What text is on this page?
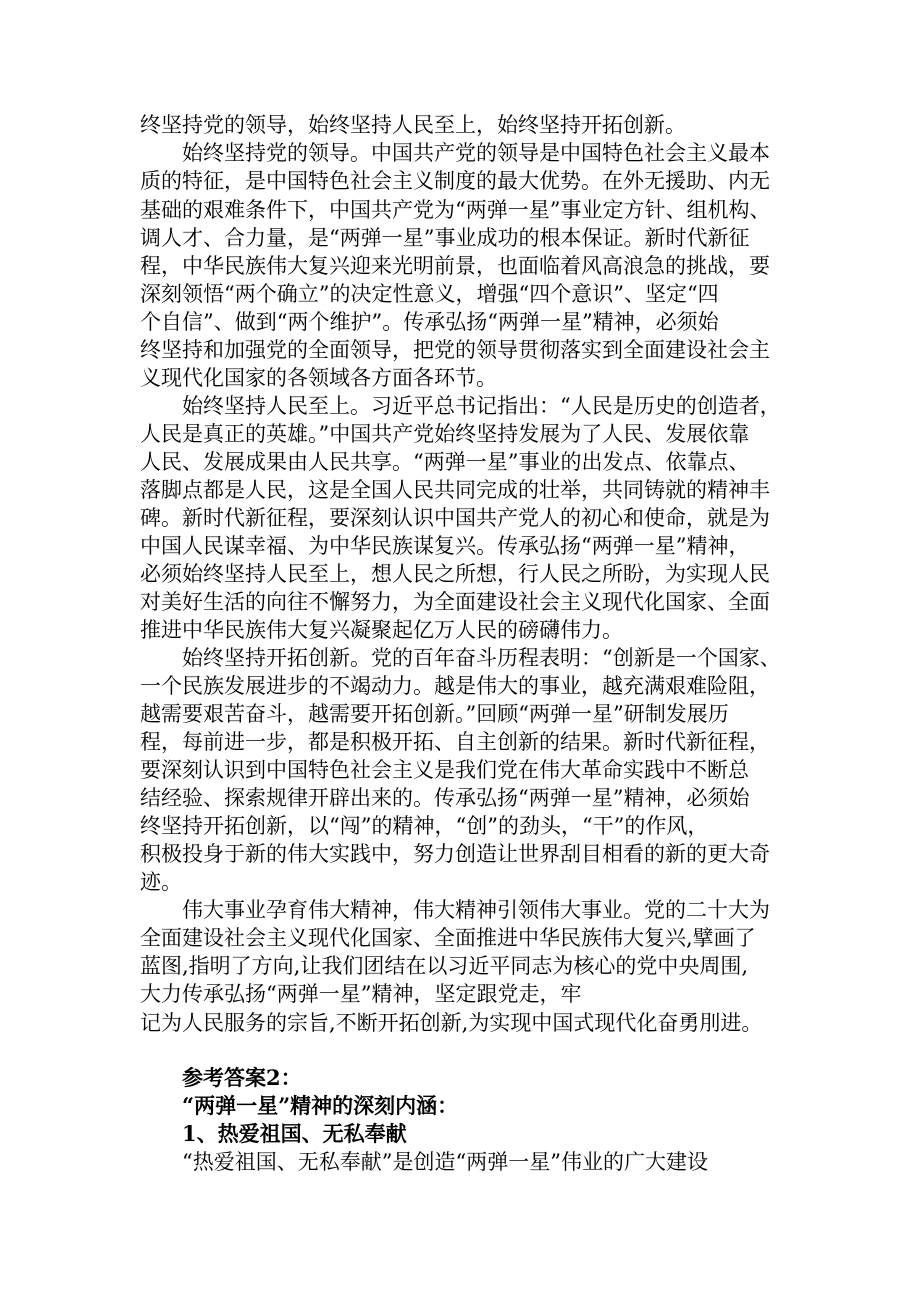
终坚持党的领导，始终坚持人民至上，始终坚持开拓创新。
始终坚持党的领导。中国共产党的领导是中国特色社会主义最本
质的特征，是中国特色社会主义制度的最大优势。在外无援助、内无
基础的艰难条件下，中国共产党为“两弹一星”事业定方针、组机构、
调人才、合力量，是“两弹一星”事业成功的根本保证。新时代新征
程，中华民族伟大复兴迎来光明前景，也面临着风高浪急的挑战，要
深刻领悟“两个确立”的决定性意义，增强“四个意识”、坚定“四
个自信”、做到“两个维护”。传承弘扬“两弹一星”精神，必须始
终坚持和加强党的全面领导，把党的领导贯彻落实到全面建设社会主
义现代化国家的各领域各方面各环节。
始终坚持人民至上。习近平总书记指出：“人民是历史的创造者，
人民是真正的英雄。”中国共产党始终坚持发展为了人民、发展依靠
人民、发展成果由人民共享。“两弹一星”事业的出发点、依靠点、
落脚点都是人民，这是全国人民共同完成的壮举，共同铸就的精神丰
碑。新时代新征程，要深刻认识中国共产党人的初心和使命，就是为
中国人民谋幸福、为中华民族谋复兴。传承弘扬“两弹一星”精神，
必须始终坚持人民至上，想人民之所想，行人民之所盼，为实现人民
对美好生活的向往不懈努力，为全面建设社会主义现代化国家、全面
推进中华民族伟大复兴凝聚起亿万人民的磅礴伟力。
始终坚持开拓创新。党的百年奋斗历程表明：“创新是一个国家、
一个民族发展进步的不竭动力。越是伟大的事业，越充满艰难险阻，
越需要艰苦奋斗，越需要开拓创新。”回顾“两弹一星”研制发展历
程，每前进一步，都是积极开拓、自主创新的结果。新时代新征程，
要深刻认识到中国特色社会主义是我们党在伟大革命实践中不断总
结经验、探索规律开辟出来的。传承弘扬“两弹一星”精神，必须始
终坚持开拓创新，以“闯”的精神，“创”的劲头，“干”的作风，
积极投身于新的伟大实践中，努力创造让世界刮目相看的新的更大奇
迹。
伟大事业孕育伟大精神，伟大精神引领伟大事业。党的二十大为
全面建设社会主义现代化国家、全面推进中华民族伟大复兴,擘画了
蓝图,指明了方向,让我们团结在以习近平同志为核心的党中央周围,
大力传承弘扬“两弹一星”精神，坚定跟党走，牢
记为人民服务的宗旨,不断开拓创新,为实现中国式现代化奋勇刖进。
参考答案2：
“两弹一星”精神的深刻内涵：
1、热爱祖国、无私奉献
“热爱祖国、无私奉献”是创造“两弹一星”伟业的广大建设
